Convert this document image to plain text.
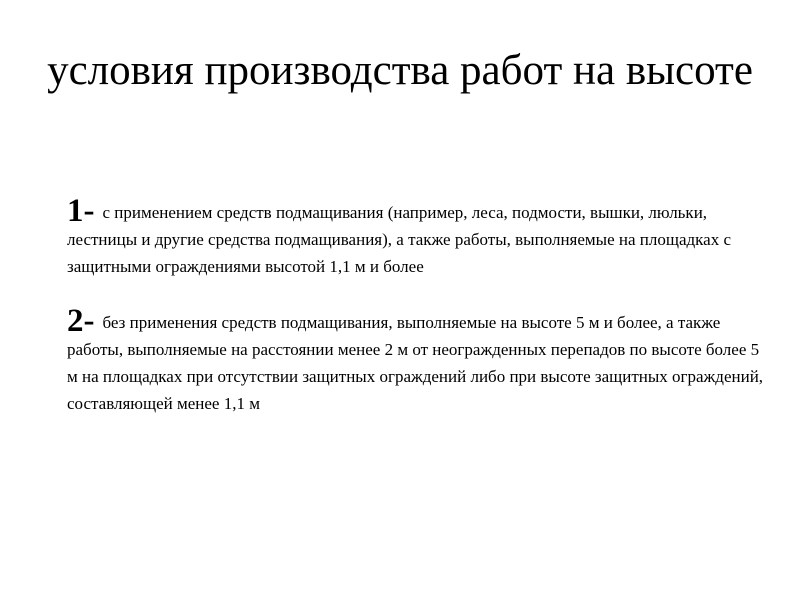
условия производства работ на высоте

1- с применением средств подмащивания (например, леса, подмости, вышки, люльки, лестницы и другие средства подмащивания), а также работы, выполняемые на площадках с защитными ограждениями высотой 1,1 м и более

2- без применения средств подмащивания, выполняемые на высоте 5 м и более, а также работы, выполняемые на расстоянии менее 2 м от неогражденных перепадов по высоте более 5 м на площадках при отсутствии защитных ограждений либо при высоте защитных ограждений, составляющей менее 1,1 м
